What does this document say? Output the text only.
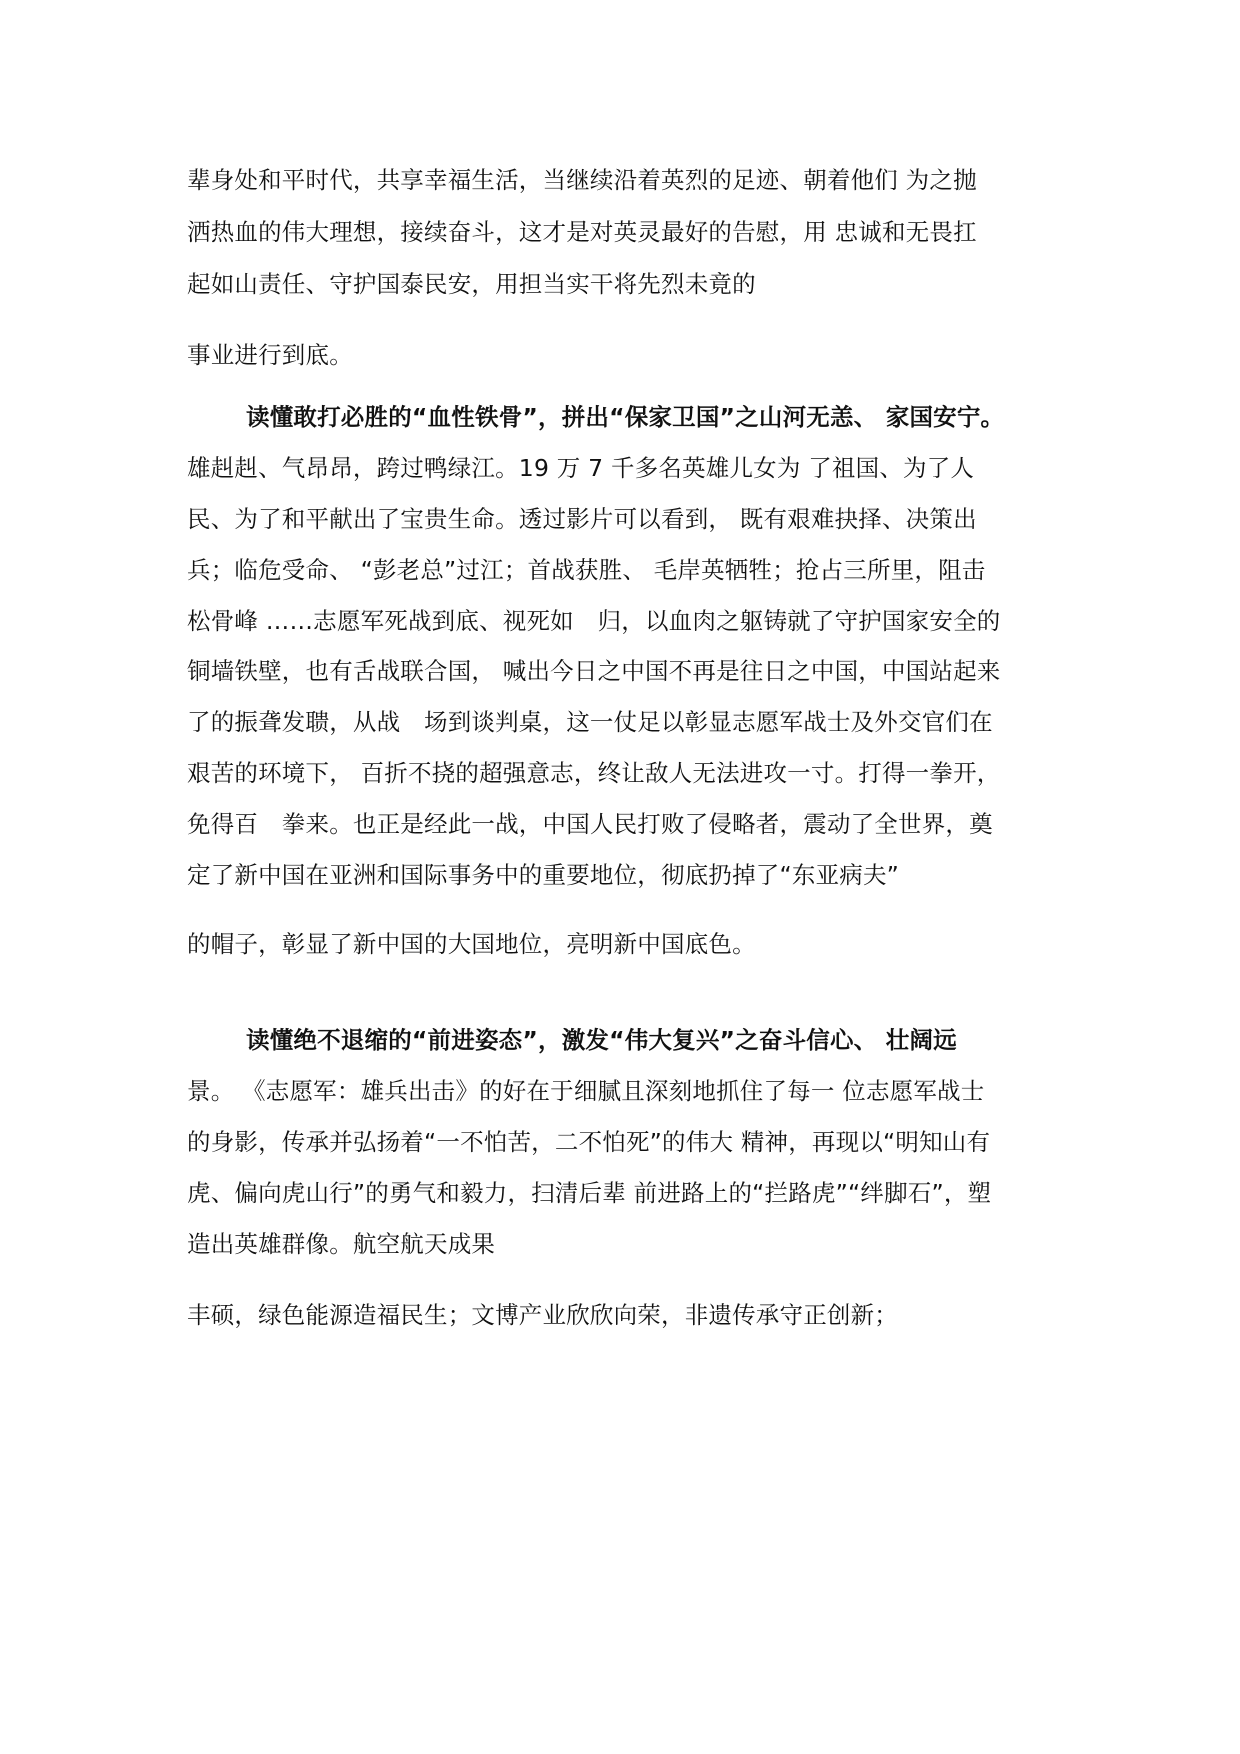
辈身处和平时代，共享幸福生活，当继续沿着英烈的足迹、朝着他们 为之抛
洒热血的伟大理想，接续奋斗，这才是对英灵最好的告慰，用 忠诚和无畏扛
起如山责任、守护国泰民安，用担当实干将先烈未竟的
事业进行到底。
读懂敢打必胜的“血性铁骨”，拼出“保家卫国”之山河无恙、 家国安宁。
雄赳赳、气昂昂，跨过鸭绿江。19 万 7 千多名英雄儿女为 了祖国、为了人
民、为了和平献出了宝贵生命。透过影片可以看到， 既有艰难抉择、决策出
兵；临危受命、 “彭老总”过江；首战获胜、 毛岸英牺牲；抢占三所里，阻击
松骨峰 ……志愿军死战到底、视死如　归，以血肉之躯铸就了守护国家安全的
铜墙铁壁，也有舌战联合国， 喊出今日之中国不再是往日之中国，中国站起来
了的振聋发聩，从战　场到谈判桌，这一仗足以彰显志愿军战士及外交官们在
艰苦的环境下， 百折不挠的超强意志，终让敌人无法进攻一寸。打得一拳开，
免得百　拳来。也正是经此一战，中国人民打败了侵略者，震动了全世界，奠
定了新中国在亚洲和国际事务中的重要地位，彻底扔掉了“东亚病夫”
的帽子，彰显了新中国的大国地位，亮明新中国底色。
读懂绝不退缩的“前进姿态”，激发“伟大复兴”之奋斗信心、 壮阔远
景。 《志愿军：雄兵出击》的好在于细腻且深刻地抓住了每一 位志愿军战士
的身影，传承并弘扬着“一不怕苦，二不怕死”的伟大 精神，再现以“明知山有
虎、偏向虎山行”的勇气和毅力，扫清后辈 前进路上的“拦路虎”“绊脚石”，塑
造出英雄群像。航空航天成果
丰硕，绿色能源造福民生；文博产业欣欣向荣，非遗传承守正创新；
